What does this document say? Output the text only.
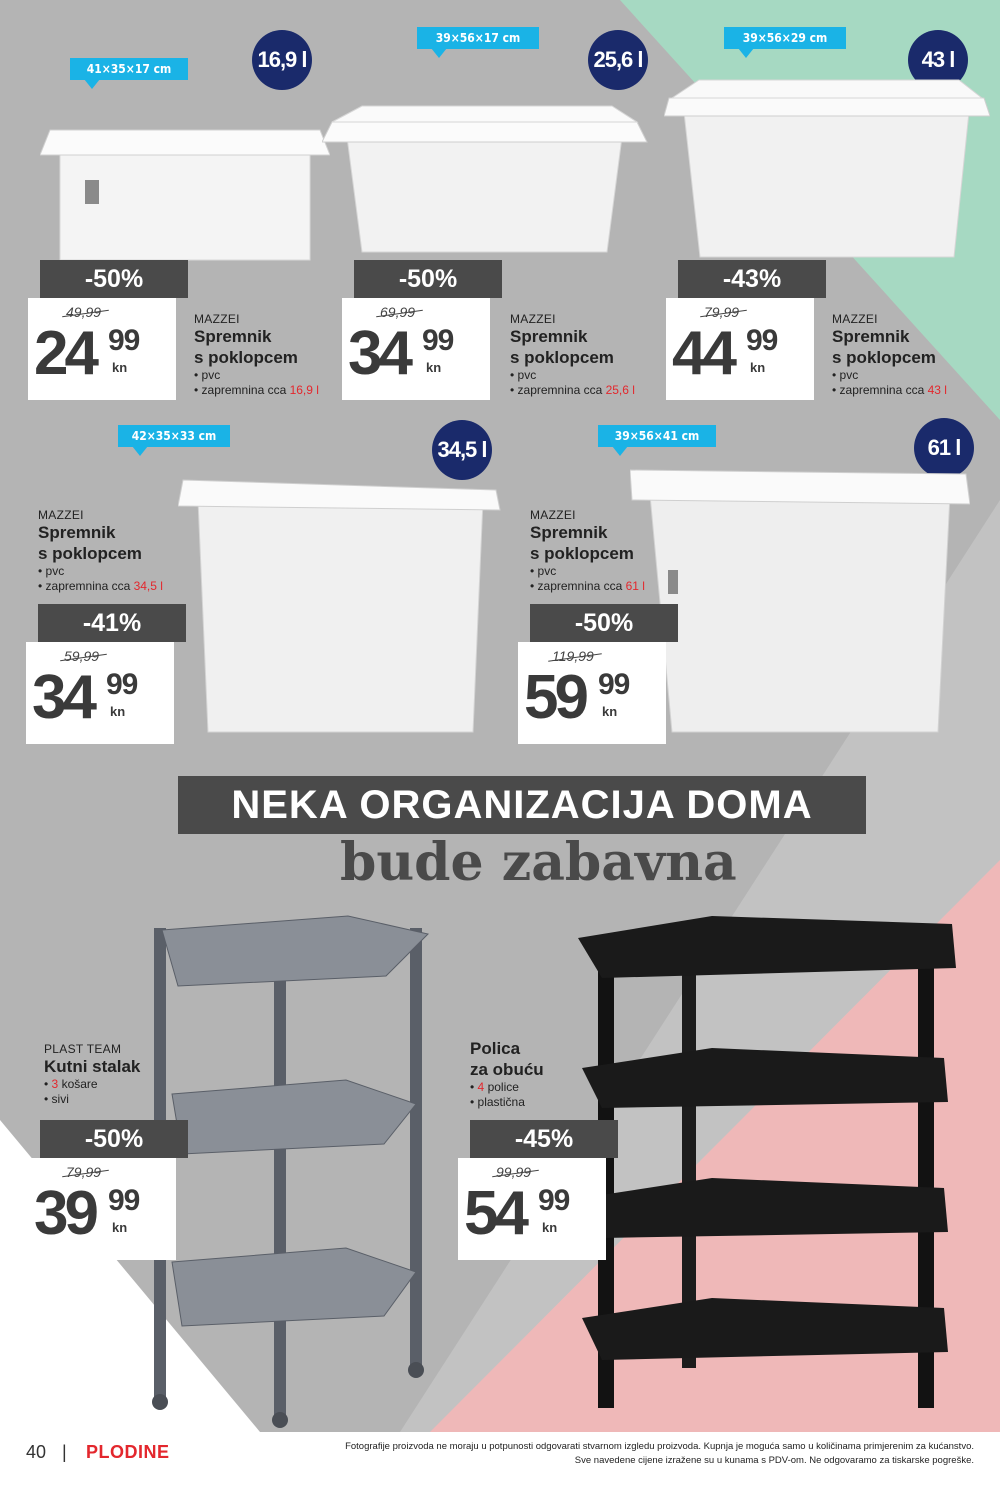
41×35×17 cm	16,9 l
-50%
49,99
24 99
kn
MAZZEI
Spremnik
s poklopcem
• pvc
• zapremnina cca 16,9 l
39×56×17 cm
25,6 l
-50%
69,99
34 99
kn
MAZZEI
Spremnik
s poklopcem
• pvc
• zapremnina cca 25,6 l
39×56×29 cm
43 l
-43%
79,99
44 99
kn
MAZZEI
Spremnik
s poklopcem
• pvc
• zapremnina cca 43 l
42×35×33 cm
34,5 l
MAZZEI
Spremnik
s poklopcem
• pvc
• zapremnina cca 34,5 l
-41%
59,99
34 99
kn
39×56×41 cm	61 l
MAZZEI
Spremnik
s poklopcem
• pvc
• zapremnina cca 61 l
-50%
119,99
59 99
kn
NEKA ORGANIZACIJA DOMA
bude zabavna
PLAST TEAM
Kutni stalak
• 3 košare
• sivi
-50%
79,99
39 99
kn
Polica
za obuću
• 4 police
• plastična
-45%
99,99
54 99
kn
40 | PLODINE	Fotografije proizvoda ne moraju u potpunosti odgovarati stvarnom izgledu proizvoda. Kupnja je moguća samo u količinama primjerenim za kućanstvo.
Sve navedene cijene izražene su u kunama s PDV-om. Ne odgovaramo za tiskarske pogreške.
